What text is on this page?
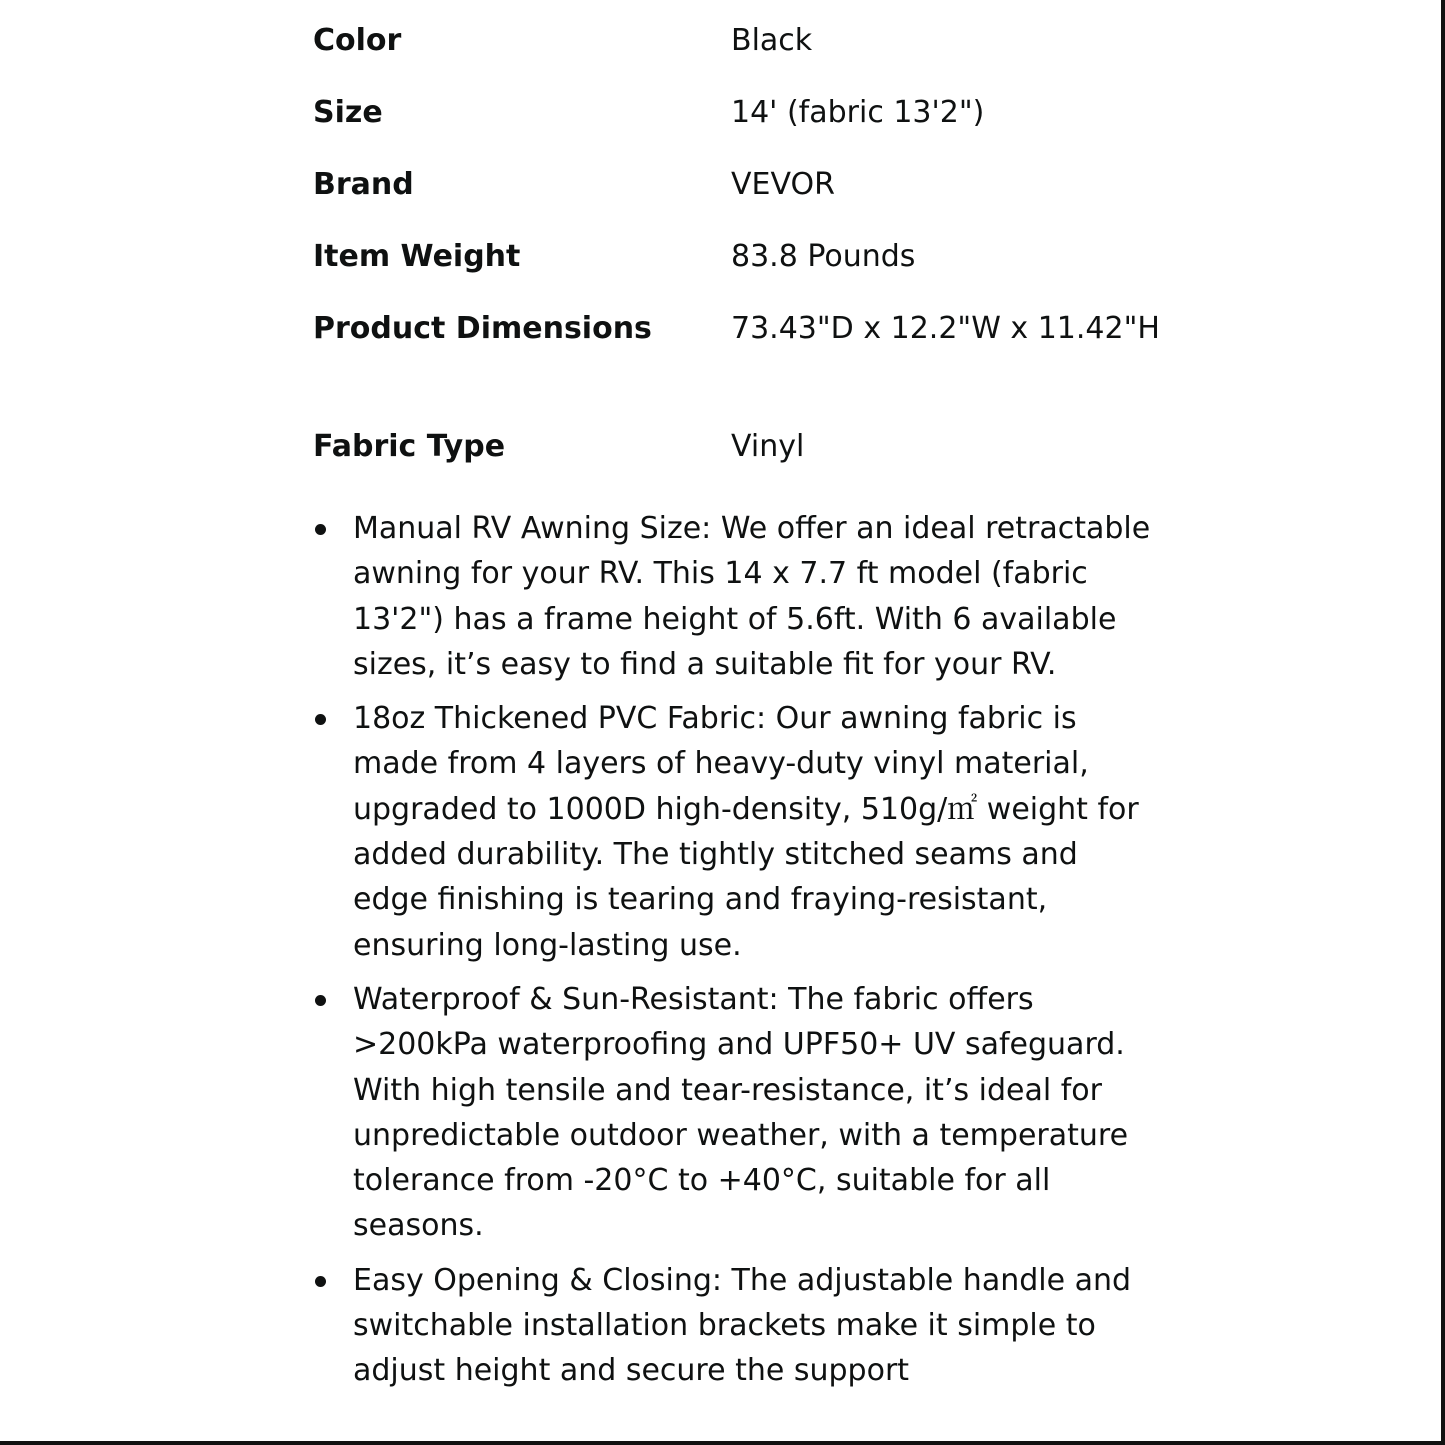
Color	Black
Size	14' (fabric 13'2")
Brand	VEVOR
Item Weight	83.8 Pounds
Product Dimensions	73.43"D x 12.2"W x 11.42"H
Fabric Type	Vinyl
Manual RV Awning Size: We offer an ideal retractable awning for your RV. This 14 x 7.7 ft model (fabric 13'2") has a frame height of 5.6ft. With 6 available sizes, it’s easy to find a suitable fit for your RV.
18oz Thickened PVC Fabric: Our awning fabric is made from 4 layers of heavy-duty vinyl material, upgraded to 1000D high-density, 510g/㎡ weight for added durability. The tightly stitched seams and edge finishing is tearing and fraying-resistant, ensuring long-lasting use.
Waterproof & Sun-Resistant: The fabric offers >200kPa waterproofing and UPF50+ UV safeguard. With high tensile and tear-resistance, it’s ideal for unpredictable outdoor weather, with a temperature tolerance from -20°C to +40°C, suitable for all seasons.
Easy Opening & Closing: The adjustable handle and switchable installation brackets make it simple to adjust height and secure the support
